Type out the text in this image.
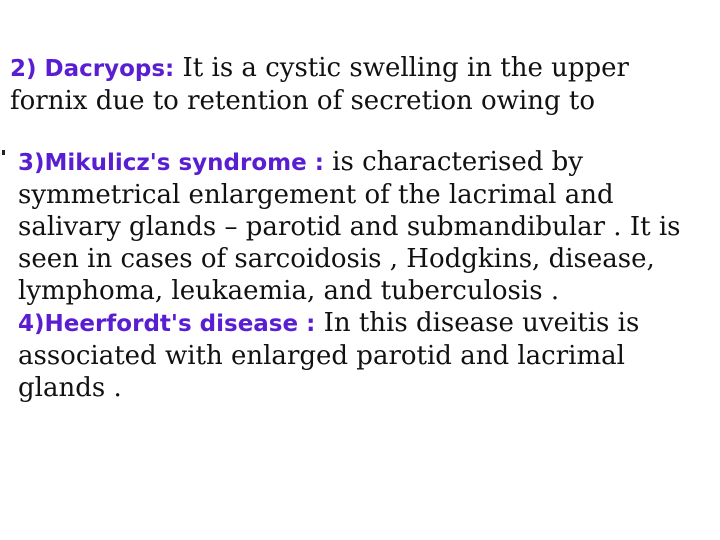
2) Dacryops: It is a cystic swelling in the upper fornix due to retention of secretion owing to

3)Mikulicz's syndrome : is characterised by symmetrical enlargement of the lacrimal and salivary glands – parotid and submandibular . It is seen in cases of sarcoidosis , Hodgkins, disease, lymphoma, leukaemia, and tuberculosis . 4)Heerfordt's disease : In this disease uveitis is associated with enlarged parotid and lacrimal glands .
